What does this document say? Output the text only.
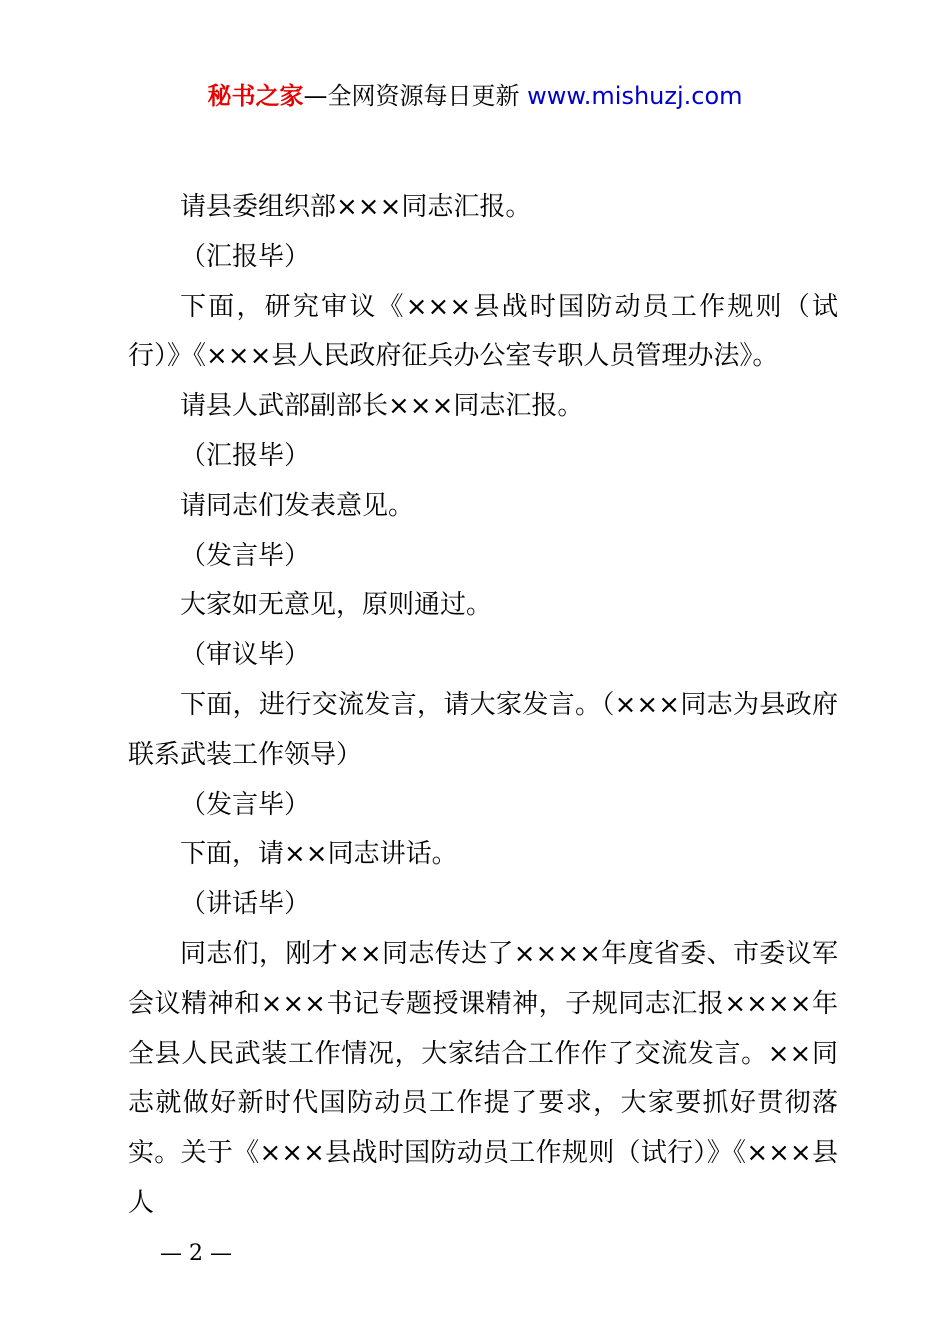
秘书之家—全网资源每日更新 www.mishuzj.com

请县委组织部×××同志汇报。

（汇报毕）

下面，研究审议《×××县战时国防动员工作规则（试行）》《×××县人民政府征兵办公室专职人员管理办法》。

请县人武部副部长×××同志汇报。

（汇报毕）

请同志们发表意见。

（发言毕）

大家如无意见，原则通过。

（审议毕）

下面，进行交流发言，请大家发言。（×××同志为县政府联系武装工作领导）

（发言毕）

下面，请××同志讲话。

（讲话毕）

同志们，刚才××同志传达了××××年度省委、市委议军会议精神和×××书记专题授课精神，子规同志汇报××××年全县人民武装工作情况，大家结合工作作了交流发言。××同志就做好新时代国防动员工作提了要求，大家要抓好贯彻落实。关于《×××县战时国防动员工作规则（试行）》《×××县人

— 2 —
